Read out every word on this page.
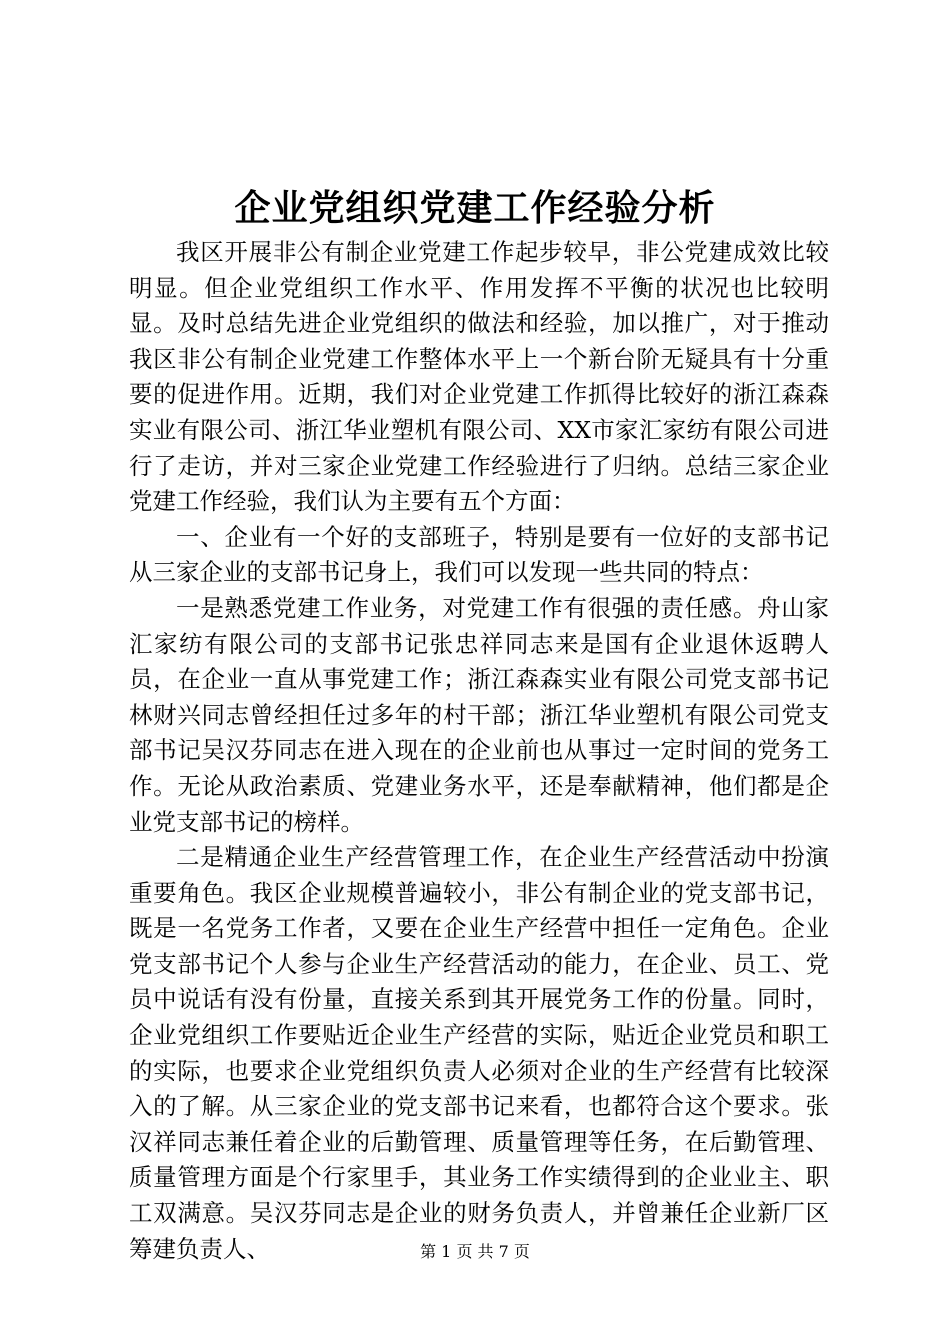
企业党组织党建工作经验分析

我区开展非公有制企业党建工作起步较早，非公党建成效比较明显。但企业党组织工作水平、作用发挥不平衡的状况也比较明显。及时总结先进企业党组织的做法和经验，加以推广，对于推动我区非公有制企业党建工作整体水平上一个新台阶无疑具有十分重要的促进作用。近期，我们对企业党建工作抓得比较好的浙江森森实业有限公司、浙江华业塑机有限公司、XX市家汇家纺有限公司进行了走访，并对三家企业党建工作经验进行了归纳。总结三家企业党建工作经验，我们认为主要有五个方面：

一、企业有一个好的支部班子，特别是要有一位好的支部书记从三家企业的支部书记身上，我们可以发现一些共同的特点：

一是熟悉党建工作业务，对党建工作有很强的责任感。舟山家汇家纺有限公司的支部书记张忠祥同志来是国有企业退休返聘人员，在企业一直从事党建工作；浙江森森实业有限公司党支部书记林财兴同志曾经担任过多年的村干部；浙江华业塑机有限公司党支部书记吴汉芬同志在进入现在的企业前也从事过一定时间的党务工作。无论从政治素质、党建业务水平，还是奉献精神，他们都是企业党支部书记的榜样。

二是精通企业生产经营管理工作，在企业生产经营活动中扮演重要角色。我区企业规模普遍较小，非公有制企业的党支部书记，既是一名党务工作者，又要在企业生产经营中担任一定角色。企业党支部书记个人参与企业生产经营活动的能力，在企业、员工、党员中说话有没有份量，直接关系到其开展党务工作的份量。同时，企业党组织工作要贴近企业生产经营的实际，贴近企业党员和职工的实际，也要求企业党组织负责人必须对企业的生产经营有比较深入的了解。从三家企业的党支部书记来看，也都符合这个要求。张汉祥同志兼任着企业的后勤管理、质量管理等任务，在后勤管理、质量管理方面是个行家里手，其业务工作实绩得到的企业业主、职工双满意。吴汉芬同志是企业的财务负责人，并曾兼任企业新厂区筹建负责人、	第 1 页 共 7 页
